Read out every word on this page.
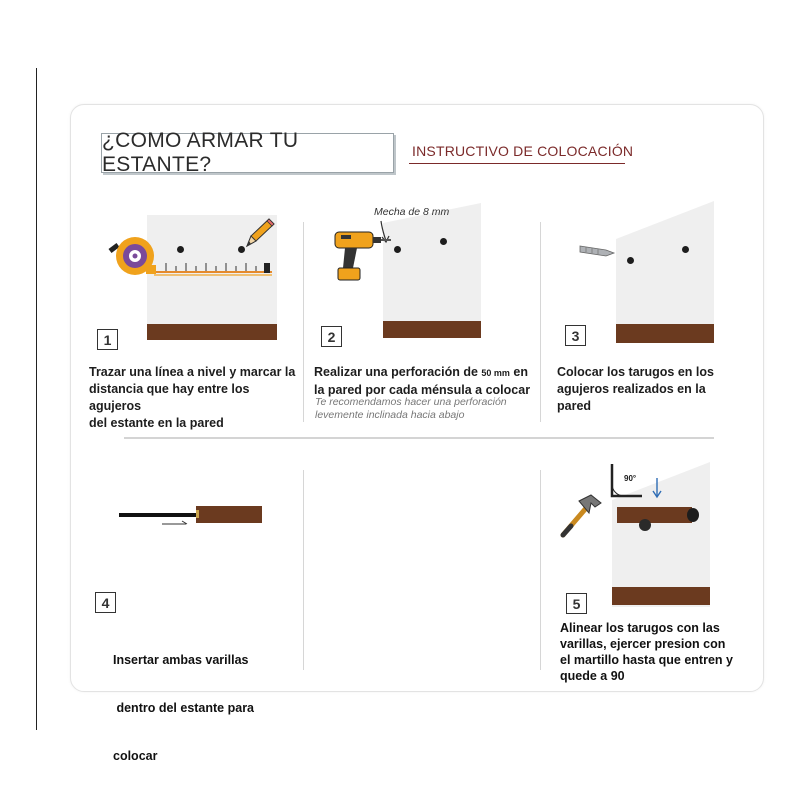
¿COMO ARMAR TU ESTANTE?
INSTRUCTIVO DE COLOCACIÓN
1
Trazar una línea a nivel y marcar la
distancia que hay entre los agujeros
del estante en la pared
Mecha de 8 mm
2
Realizar una perforación de 50 mm en
la pared por cada ménsula a colocar
Te recomendamos hacer una perforación
levemente inclinada hacia abajo
3
Colocar los tarugos en los
agujeros realizados en la
pared
4

Insertar ambas varillas

dentro del estante para

colocar

90°
5
Alinear los tarugos con las
varillas, ejercer presion con
el martillo hasta que entren y
quede a 90
